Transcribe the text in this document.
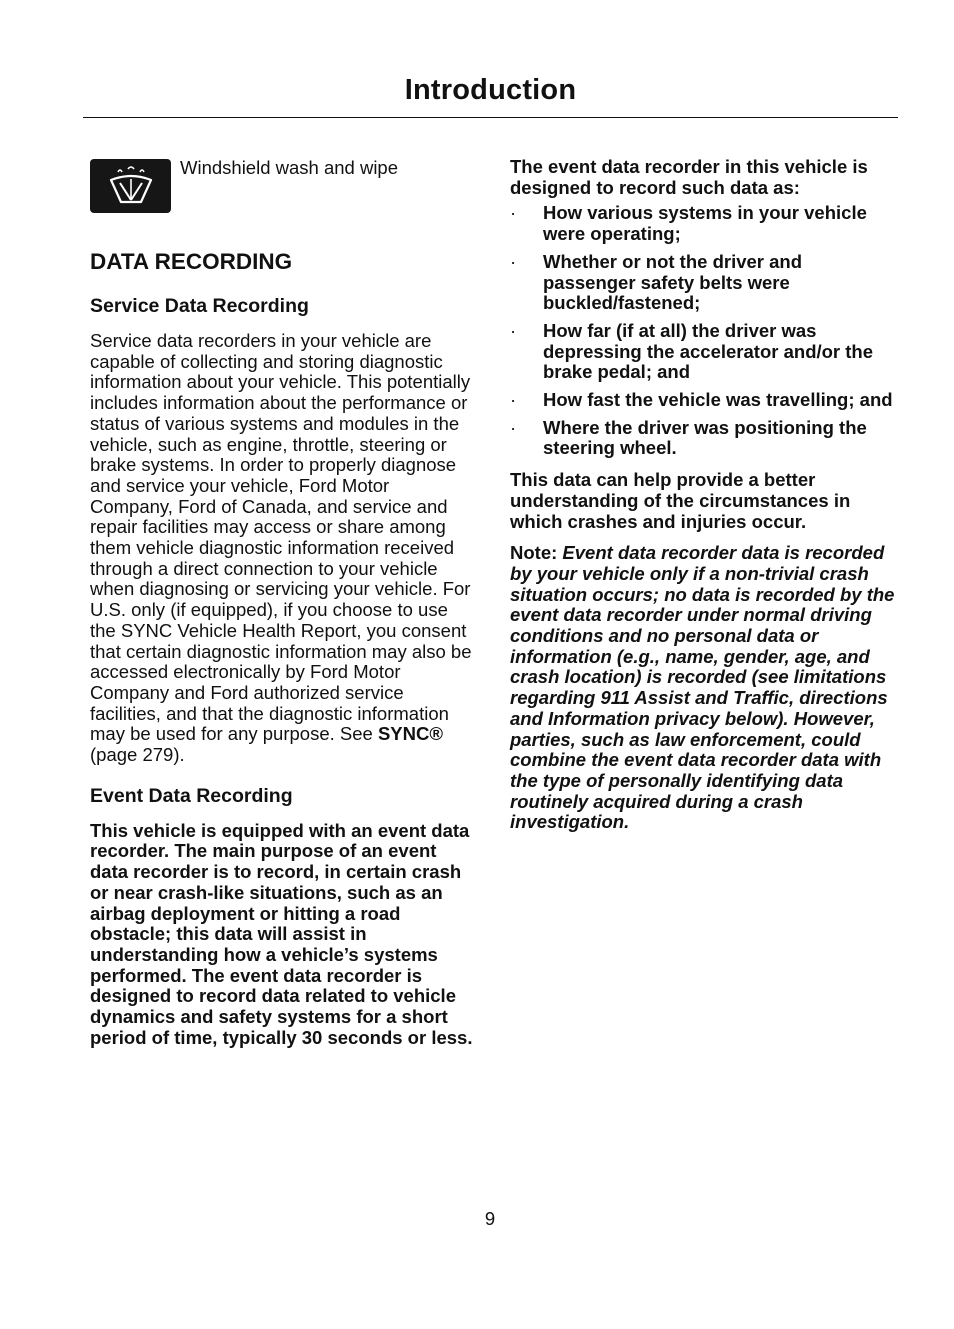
Introduction
Windshield wash and wipe
DATA RECORDING
Service Data Recording

Service data recorders in your vehicle are capable of collecting and storing diagnostic information about your vehicle. This potentially includes information about the performance or status of various systems and modules in the vehicle, such as engine, throttle, steering or brake systems. In order to properly diagnose and service your vehicle, Ford Motor Company, Ford of Canada, and service and repair facilities may access or share among them vehicle diagnostic information received through a direct connection to your vehicle when diagnosing or servicing your vehicle. For U.S. only (if equipped), if you choose to use the SYNC Vehicle Health Report, you consent that certain diagnostic information may also be accessed electronically by Ford Motor Company and Ford authorized service facilities, and that the diagnostic information may be used for any purpose. See SYNC® (page 279).

Event Data Recording

This vehicle is equipped with an event data recorder. The main purpose of an event data recorder is to record, in certain crash or near crash-like situations, such as an airbag deployment or hitting a road obstacle; this data will assist in understanding how a vehicle’s systems performed. The event data recorder is designed to record data related to vehicle dynamics and safety systems for a short period of time, typically 30 seconds or less.

The event data recorder in this vehicle is designed to record such data as:

· How various systems in your vehicle were operating;
· Whether or not the driver and passenger safety belts were buckled/fastened;
· How far (if at all) the driver was depressing the accelerator and/or the brake pedal; and
· How fast the vehicle was travelling; and
· Where the driver was positioning the steering wheel.

This data can help provide a better understanding of the circumstances in which crashes and injuries occur.

Note: Event data recorder data is recorded by your vehicle only if a non-trivial crash situation occurs; no data is recorded by the event data recorder under normal driving conditions and no personal data or information (e.g., name, gender, age, and crash location) is recorded (see limitations regarding 911 Assist and Traffic, directions and Information privacy below). However, parties, such as law enforcement, could combine the event data recorder data with the type of personally identifying data routinely acquired during a crash investigation.

9
